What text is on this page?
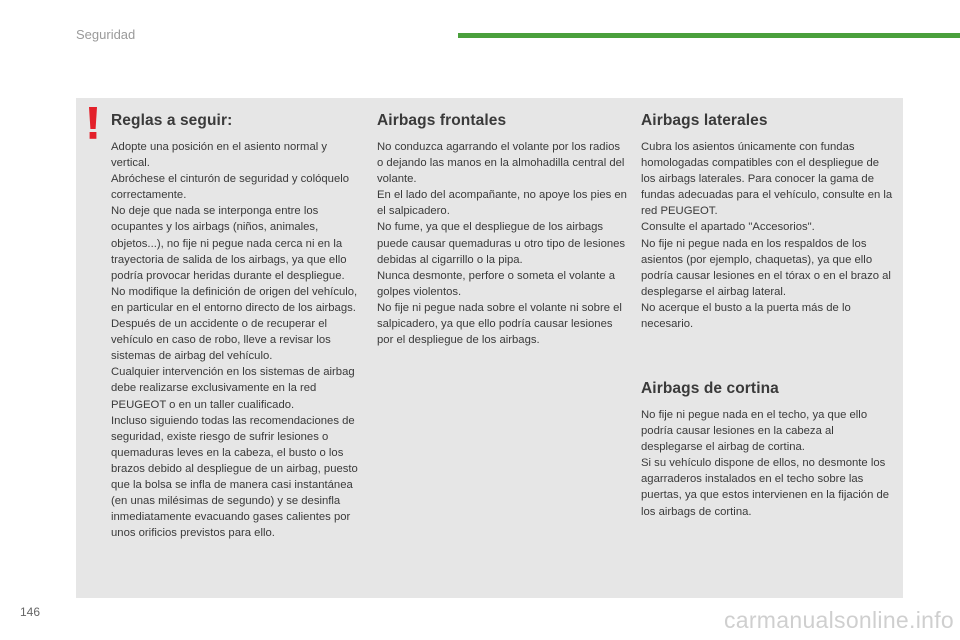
Seguridad

Reglas a seguir:

Adopte una posición en el asiento normal y vertical.
Abróchese el cinturón de seguridad y colóquelo correctamente.
No deje que nada se interponga entre los ocupantes y los airbags (niños, animales, objetos...), no fije ni pegue nada cerca ni en la trayectoria de salida de los airbags, ya que ello podría provocar heridas durante el despliegue.
No modifique la definición de origen del vehículo, en particular en el entorno directo de los airbags.
Después de un accidente o de recuperar el vehículo en caso de robo, lleve a revisar los sistemas de airbag del vehículo.
Cualquier intervención en los sistemas de airbag debe realizarse exclusivamente en la red PEUGEOT o en un taller cualificado.
Incluso siguiendo todas las recomendaciones de seguridad, existe riesgo de sufrir lesiones o quemaduras leves en la cabeza, el busto o los brazos debido al despliegue de un airbag, puesto que la bolsa se infla de manera casi instantánea (en unas milésimas de segundo) y se desinfla inmediatamente evacuando gases calientes por unos orificios previstos para ello.

Airbags frontales

No conduzca agarrando el volante por los radios o dejando las manos en la almohadilla central del volante.
En el lado del acompañante, no apoye los pies en el salpicadero.
No fume, ya que el despliegue de los airbags puede causar quemaduras u otro tipo de lesiones debidas al cigarrillo o la pipa.
Nunca desmonte, perfore o someta el volante a golpes violentos.
No fije ni pegue nada sobre el volante ni sobre el salpicadero, ya que ello podría causar lesiones por el despliegue de los airbags.

Airbags laterales

Cubra los asientos únicamente con fundas homologadas compatibles con el despliegue de los airbags laterales. Para conocer la gama de fundas adecuadas para el vehículo, consulte en la red PEUGEOT.
Consulte el apartado "Accesorios".
No fije ni pegue nada en los respaldos de los asientos (por ejemplo, chaquetas), ya que ello podría causar lesiones en el tórax o en el brazo al desplegarse el airbag lateral.
No acerque el busto a la puerta más de lo necesario.

Airbags de cortina

No fije ni pegue nada en el techo, ya que ello podría causar lesiones en la cabeza al desplegarse el airbag de cortina.
Si su vehículo dispone de ellos, no desmonte los agarraderos instalados en el techo sobre las puertas, ya que estos intervienen en la fijación de los airbags de cortina.

146	carmanualsonline.info
